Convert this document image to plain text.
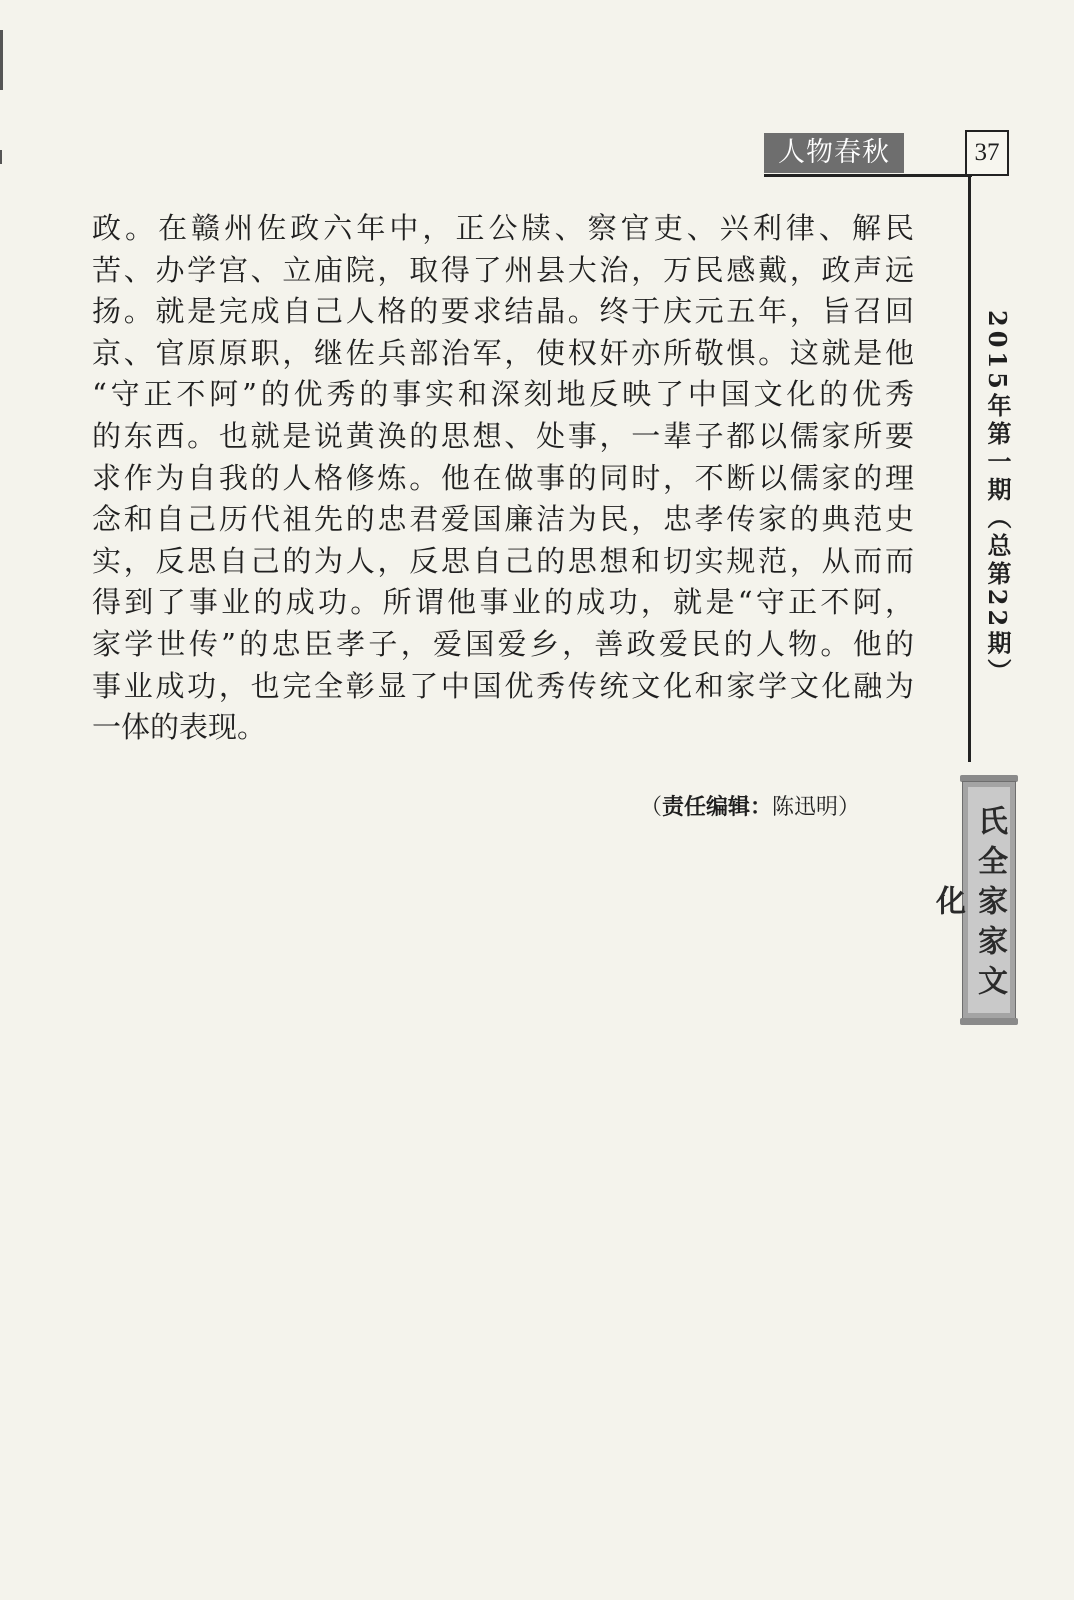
人物春秋	37
2015年第一期（总第22期）
氏全家家文化
政。在赣州佐政六年中，正公牍、察官吏、兴利律、解民
苦、办学宫、立庙院，取得了州县大治，万民感戴，政声远
扬。就是完成自己人格的要求结晶。终于庆元五年，旨召回
京、官原原职，继佐兵部治军，使权奸亦所敬惧。这就是他
“守正不阿”的优秀的事实和深刻地反映了中国文化的优秀
的东西。也就是说黄涣的思想、处事，一辈子都以儒家所要
求作为自我的人格修炼。他在做事的同时，不断以儒家的理
念和自己历代祖先的忠君爱国廉洁为民，忠孝传家的典范史
实，反思自己的为人，反思自己的思想和切实规范，从而而
得到了事业的成功。所谓他事业的成功，就是“守正不阿，
家学世传”的忠臣孝子，爱国爱乡，善政爱民的人物。他的
事业成功，也完全彰显了中国优秀传统文化和家学文化融为
一体的表现。
（责任编辑：陈迅明）
